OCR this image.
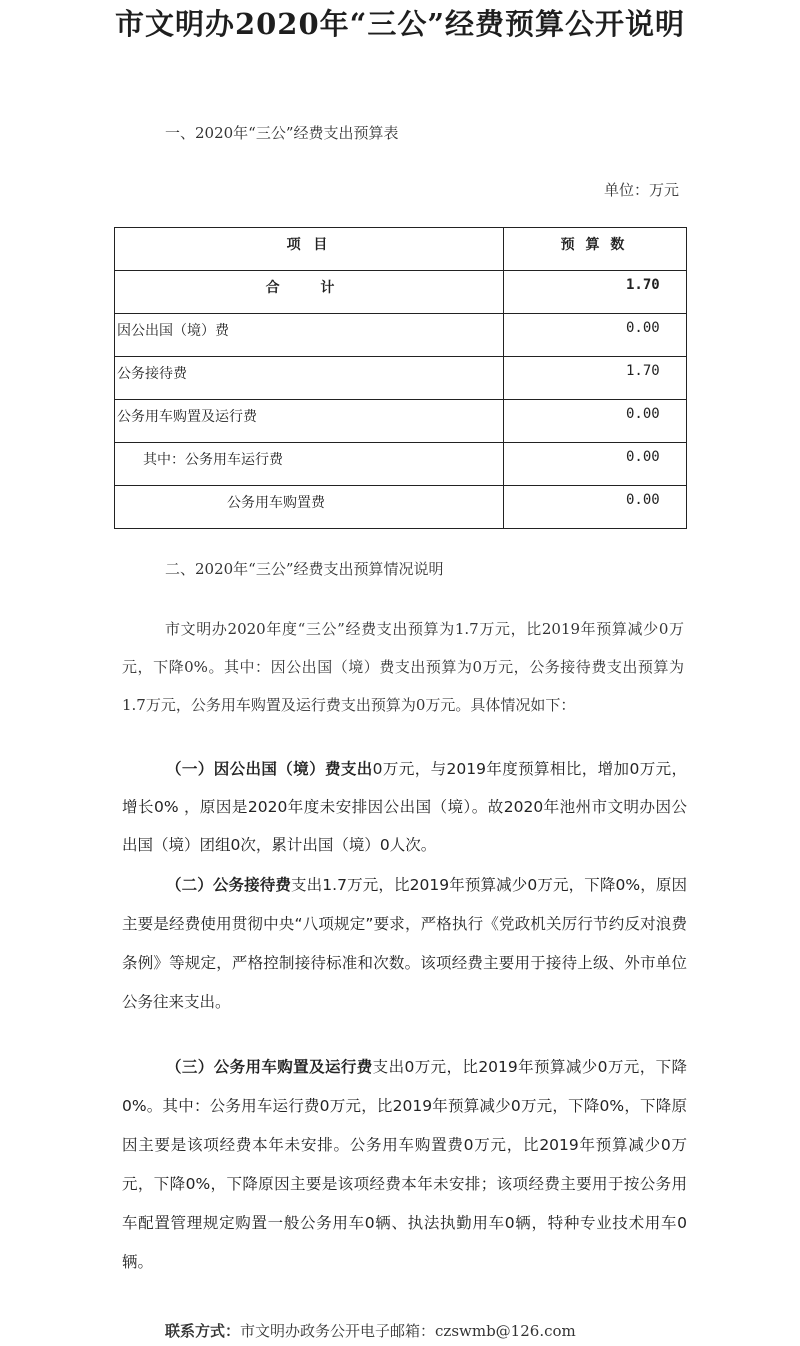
市文明办2020年“三公”经费预算公开说明
一、2020年“三公”经费支出预算表
单位：万元
项 目	预 算 数
合 计	1.70
因公出国（境）费	0.00
公务接待费	1.70
公务用车购置及运行费	0.00
其中：公务用车运行费	0.00
公务用车购置费	0.00
二、2020年“三公”经费支出预算情况说明
市文明办2020年度“三公”经费支出预算为1.7万元，比2019年预算减少0万元，下降0%。其中：因公出国（境）费支出预算为0万元，公务接待费支出预算为1.7万元，公务用车购置及运行费支出预算为0万元。具体情况如下：
（一）因公出国（境）费支出0万元，与2019年度预算相比，增加0万元，增长0% ，原因是2020年度未安排因公出国（境）。故2020年池州市文明办因公出国（境）团组0次，累计出国（境）0人次。
（二）公务接待费支出1.7万元，比2019年预算减少0万元，下降0%，原因主要是经费使用贯彻中央“八项规定”要求，严格执行《党政机关厉行节约反对浪费条例》等规定，严格控制接待标准和次数。该项经费主要用于接待上级、外市单位公务往来支出。
（三）公务用车购置及运行费支出0万元，比2019年预算减少0万元，下降0%。其中：公务用车运行费0万元，比2019年预算减少0万元，下降0%，下降原因主要是该项经费本年未安排。公务用车购置费0万元，比2019年预算减少0万元，下降0%，下降原因主要是该项经费本年未安排；该项经费主要用于按公务用车配置管理规定购置一般公务用车0辆、执法执勤用车0辆，特种专业技术用车0辆。
联系方式：市文明办政务公开电子邮箱：czswmb@126.com
